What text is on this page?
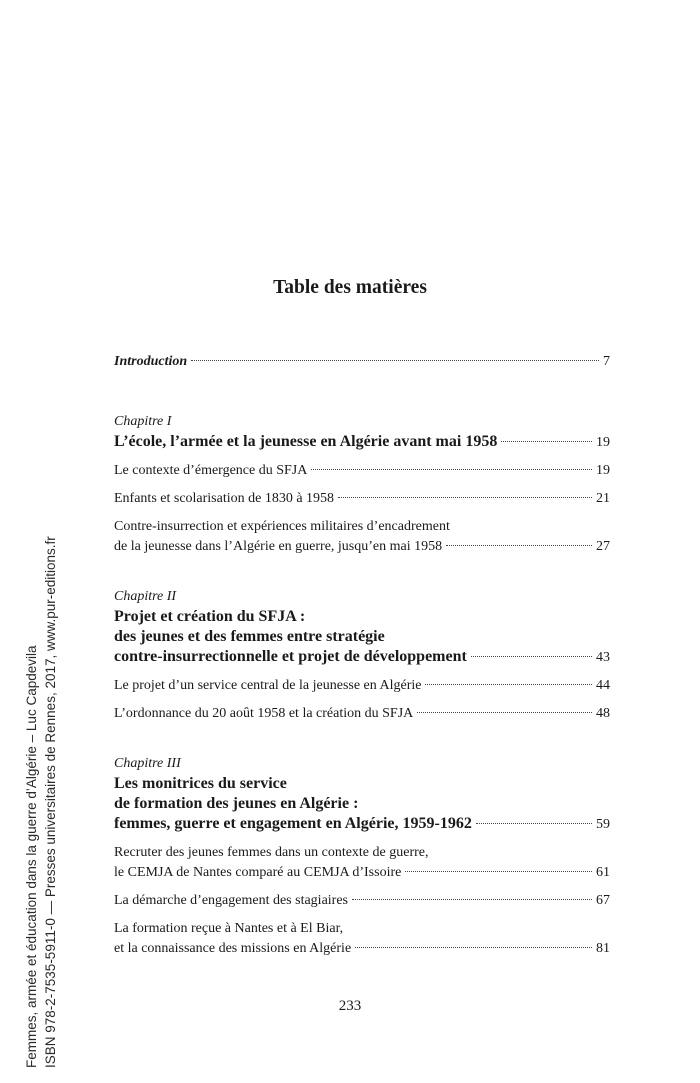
Femmes, armée et éducation dans la guerre d’Algérie – Luc Capdevila ISBN 978-2-7535-5911-0 — Presses universitaires de Rennes, 2017, www.pur-editions.fr
Table des matières
Introduction	7
Chapitre I
L’école, l’armée et la jeunesse en Algérie avant mai 1958	19
Le contexte d’émergence du SFJA	19
Enfants et scolarisation de 1830 à 1958	21
Contre-insurrection et expériences militaires d’encadrement
de la jeunesse dans l’Algérie en guerre, jusqu’en mai 1958	27
Chapitre II
Projet et création du SFJA :
des jeunes et des femmes entre stratégie
contre-insurrectionnelle et projet de développement	43
Le projet d’un service central de la jeunesse en Algérie	44
L’ordonnance du 20 août 1958 et la création du SFJA	48
Chapitre III
Les monitrices du service
de formation des jeunes en Algérie :
femmes, guerre et engagement en Algérie, 1959-1962	59
Recruter des jeunes femmes dans un contexte de guerre,
le CEMJA de Nantes comparé au CEMJA d’Issoire	61
La démarche d’engagement des stagiaires	67
La formation reçue à Nantes et à El Biar,
et la connaissance des missions en Algérie	81
233
